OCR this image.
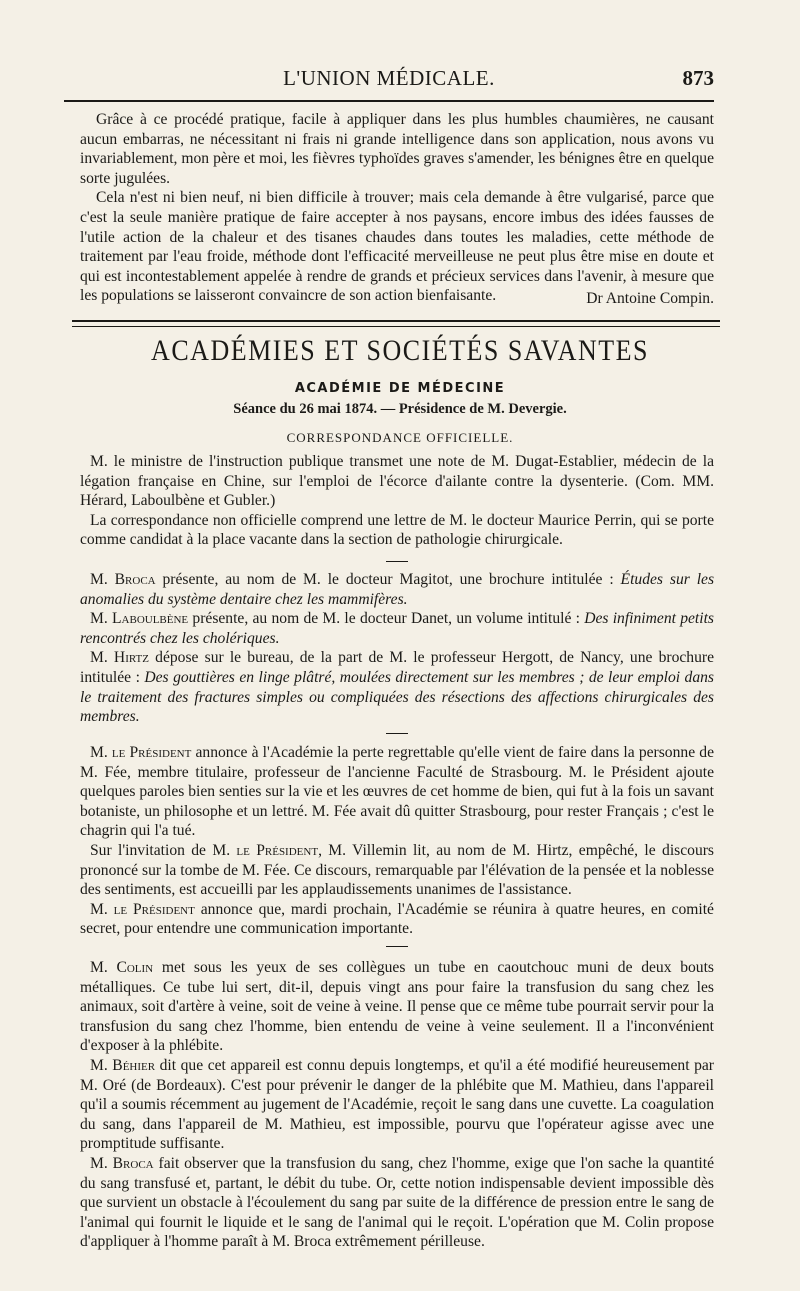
L'UNION MÉDICALE.	873

Grâce à ce procédé pratique, facile à appliquer dans les plus humbles chaumières, ne causant aucun embarras, ne nécessitant ni frais ni grande intelligence dans son application, nous avons vu invariablement, mon père et moi, les fièvres typhoïdes graves s'amender, les bénignes être en quelque sorte jugulées.

Cela n'est ni bien neuf, ni bien difficile à trouver; mais cela demande à être vulgarisé, parce que c'est la seule manière pratique de faire accepter à nos paysans, encore imbus des idées fausses de l'utile action de la chaleur et des tisanes chaudes dans toutes les maladies, cette méthode de traitement par l'eau froide, méthode dont l'efficacité merveilleuse ne peut plus être mise en doute et qui est incontestablement appelée à rendre de grands et précieux services dans l'avenir, à mesure que les populations se laisseront convaincre de son action bienfaisante.	Dr Antoine Compin.
ACADÉMIES ET SOCIÉTÉS SAVANTES
ACADÉMIE DE MÉDECINE
Séance du 26 mai 1874. — Présidence de M. Devergie.
CORRESPONDANCE OFFICIELLE.

M. le ministre de l'instruction publique transmet une note de M. Dugat-Establier, médecin de la légation française en Chine, sur l'emploi de l'écorce d'ailante contre la dysenterie. (Com. MM. Hérard, Laboulbène et Gubler.)

La correspondance non officielle comprend une lettre de M. le docteur Maurice Perrin, qui se porte comme candidat à la place vacante dans la section de pathologie chirurgicale.

M. Broca présente, au nom de M. le docteur Magitot, une brochure intitulée : Études sur les anomalies du système dentaire chez les mammifères.

M. Laboulbène présente, au nom de M. le docteur Danet, un volume intitulé : Des infiniment petits rencontrés chez les cholériques.

M. Hirtz dépose sur le bureau, de la part de M. le professeur Hergott, de Nancy, une brochure intitulée : Des gouttières en linge plâtré, moulées directement sur les membres ; de leur emploi dans le traitement des fractures simples ou compliquées des résections des affections chirurgicales des membres.

M. le Président annonce à l'Académie la perte regrettable qu'elle vient de faire dans la personne de M. Fée, membre titulaire, professeur de l'ancienne Faculté de Strasbourg. M. le Président ajoute quelques paroles bien senties sur la vie et les œuvres de cet homme de bien, qui fut à la fois un savant botaniste, un philosophe et un lettré. M. Fée avait dû quitter Strasbourg, pour rester Français ; c'est le chagrin qui l'a tué.

Sur l'invitation de M. le Président, M. Villemin lit, au nom de M. Hirtz, empêché, le discours prononcé sur la tombe de M. Fée. Ce discours, remarquable par l'élévation de la pensée et la noblesse des sentiments, est accueilli par les applaudissements unanimes de l'assistance.

M. le Président annonce que, mardi prochain, l'Académie se réunira à quatre heures, en comité secret, pour entendre une communication importante.

M. Colin met sous les yeux de ses collègues un tube en caoutchouc muni de deux bouts métalliques. Ce tube lui sert, dit-il, depuis vingt ans pour faire la transfusion du sang chez les animaux, soit d'artère à veine, soit de veine à veine. Il pense que ce même tube pourrait servir pour la transfusion du sang chez l'homme, bien entendu de veine à veine seulement. Il a l'inconvénient d'exposer à la phlébite.

M. Béhier dit que cet appareil est connu depuis longtemps, et qu'il a été modifié heureusement par M. Oré (de Bordeaux). C'est pour prévenir le danger de la phlébite que M. Mathieu, dans l'appareil qu'il a soumis récemment au jugement de l'Académie, reçoit le sang dans une cuvette. La coagulation du sang, dans l'appareil de M. Mathieu, est impossible, pourvu que l'opérateur agisse avec une promptitude suffisante.

M. Broca fait observer que la transfusion du sang, chez l'homme, exige que l'on sache la quantité du sang transfusé et, partant, le débit du tube. Or, cette notion indispensable devient impossible dès que survient un obstacle à l'écoulement du sang par suite de la différence de pression entre le sang de l'animal qui fournit le liquide et le sang de l'animal qui le reçoit. L'opération que M. Colin propose d'appliquer à l'homme paraît à M. Broca extrêmement périlleuse.
